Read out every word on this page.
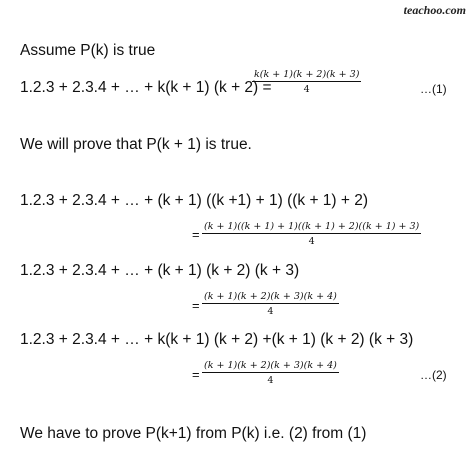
teachoo.com
Assume P(k) is true
1.2.3 + 2.3.4 + … + k(k + 1) (k + 2) =
$\frac{k(k + 1)(k + 2)(k + 3)}{4}$	…(1)
We will prove that P(k + 1) is true.
1.2.3 + 2.3.4 + … + (k + 1) ((k +1) + 1) ((k + 1) + 2)
= $\frac{(k + 1)((k + 1) + 1)((k + 1) + 2)((k + 1) + 3)}{4}$
1.2.3 + 2.3.4 + … + (k + 1) (k + 2) (k + 3)
= $\frac{(k + 1)(k + 2)(k + 3)(k + 4)}{4}$
1.2.3 + 2.3.4 + … + k(k + 1) (k + 2) +(k + 1) (k + 2) (k + 3)
= $\frac{(k + 1)(k + 2)(k + 3)(k + 4)}{4}$	…(2)
We have to prove P(k+1) from P(k) i.e. (2) from (1)
